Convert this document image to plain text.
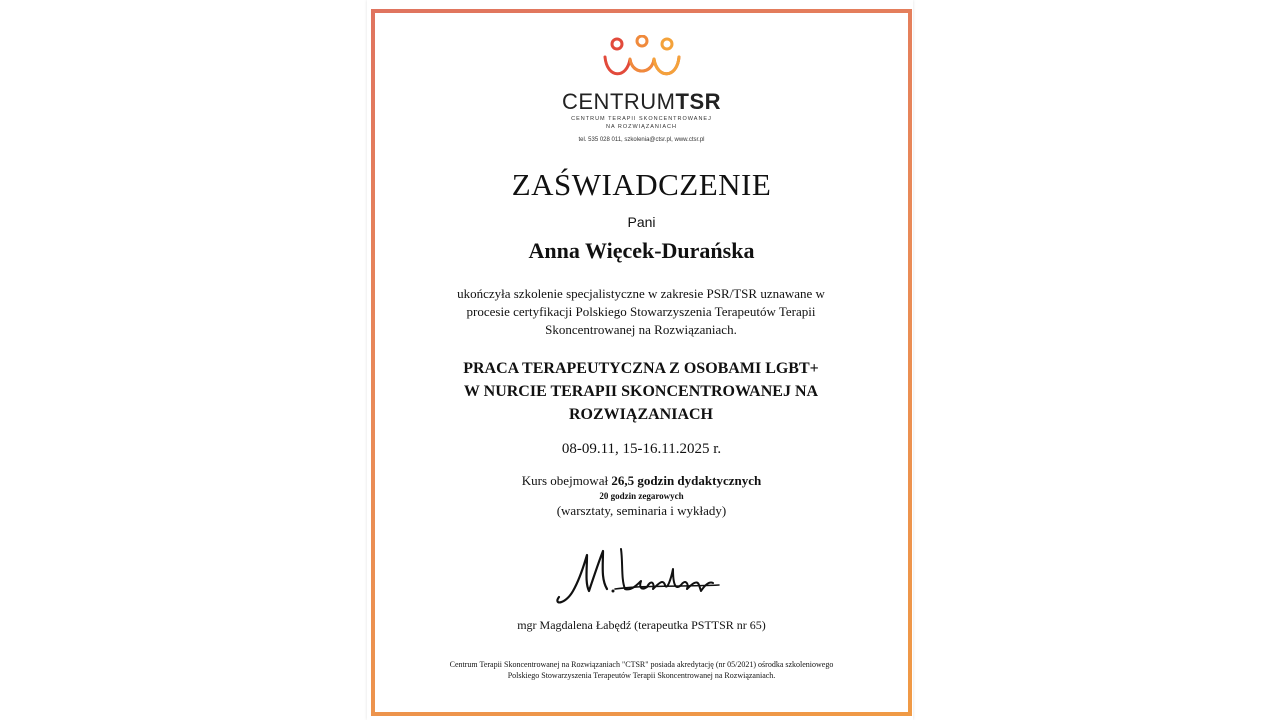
CENTRUMTSR
CENTRUM TERAPII SKONCENTROWANEJ
NA ROZWIĄZANIACH
tel. 535 028 011, szkolenia@ctsr.pl, www.ctsr.pl
ZAŚWIADCZENIE
Pani
Anna Więcek-Durańska
ukończyła szkolenie specjalistyczne w zakresie PSR/TSR uznawane w
procesie certyfikacji Polskiego Stowarzyszenia Terapeutów Terapii
Skoncentrowanej na Rozwiązaniach.
PRACA TERAPEUTYCZNA Z OSOBAMI LGBT+
W NURCIE TERAPII SKONCENTROWANEJ NA
ROZWIĄZANIACH
08-09.11, 15-16.11.2025 r.
Kurs obejmował 26,5 godzin dydaktycznych
20 godzin zegarowych
(warsztaty, seminaria i wykłady)
mgr Magdalena Łabędź (terapeutka PSTTSR nr 65)
Centrum Terapii Skoncentrowanej na Rozwiązaniach "CTSR" posiada akredytację (nr 05/2021) ośrodka szkoleniowego
Polskiego Stowarzyszenia Terapeutów Terapii Skoncentrowanej na Rozwiązaniach.
